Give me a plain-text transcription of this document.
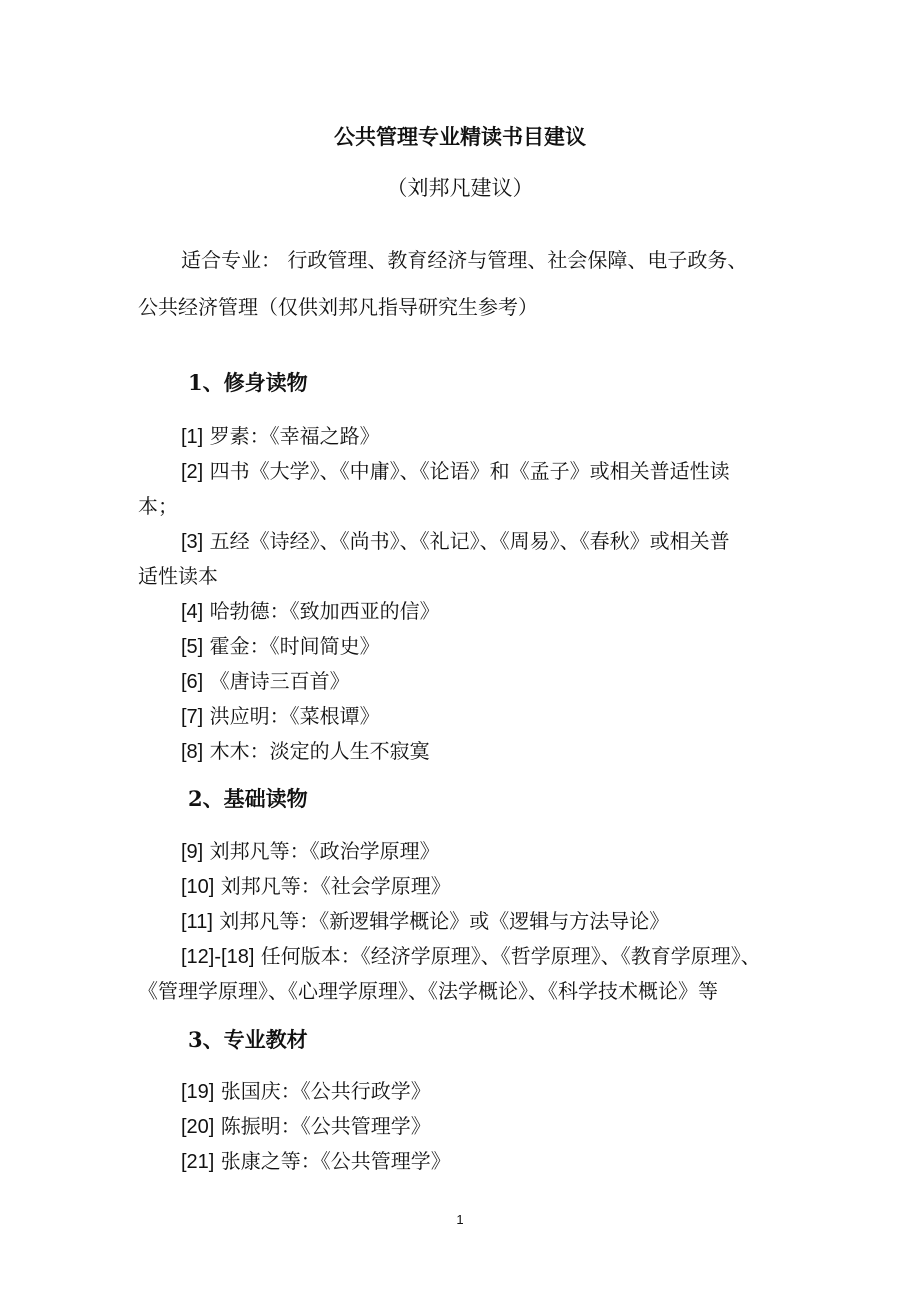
公共管理专业精读书目建议

（刘邦凡建议）

适合专业： 行政管理、教育经济与管理、社会保障、电子政务、

公共经济管理（仅供刘邦凡指导研究生参考）

1、修身读物

[1] 罗素：《幸福之路》

[2] 四书《大学》、《中庸》、《论语》和《孟子》或相关普适性读

本；

[3] 五经《诗经》、《尚书》、《礼记》、《周易》、《春秋》或相关普

适性读本

[4] 哈勃德：《致加西亚的信》

[5] 霍金：《时间简史》

[6] 《唐诗三百首》

[7] 洪应明：《菜根谭》

[8] 木木：淡定的人生不寂寞

2、基础读物

[9] 刘邦凡等：《政治学原理》

[10] 刘邦凡等：《社会学原理》

[11] 刘邦凡等：《新逻辑学概论》或《逻辑与方法导论》

[12]-[18] 任何版本：《经济学原理》、《哲学原理》、《教育学原理》、

《管理学原理》、《心理学原理》、《法学概论》、《科学技术概论》等

3、专业教材

[19] 张国庆：《公共行政学》

[20] 陈振明：《公共管理学》

[21] 张康之等：《公共管理学》

1
